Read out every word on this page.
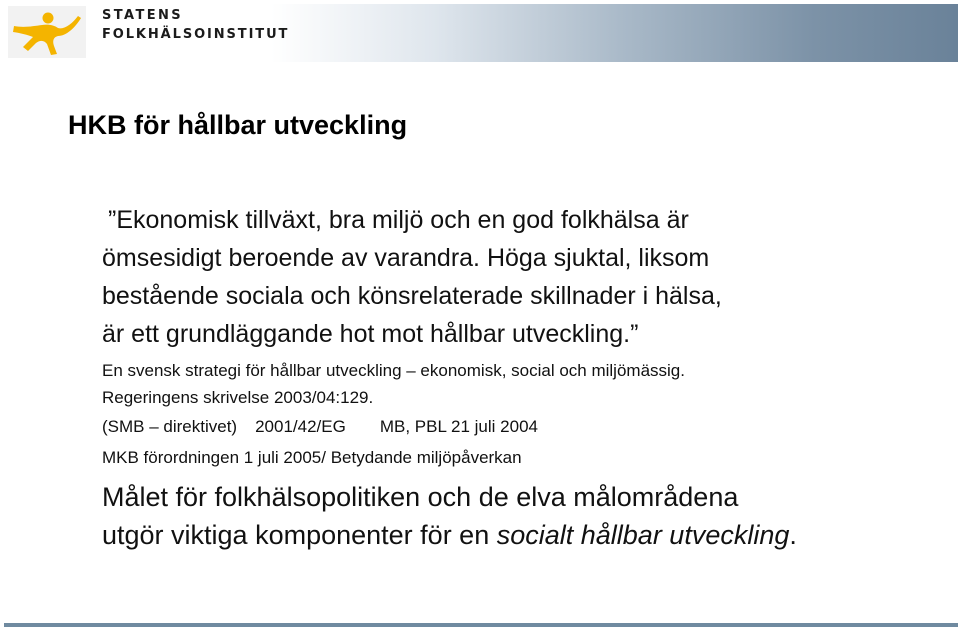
STATENS
FOLKHÄLSOINSTITUT
HKB för hållbar utveckling
”Ekonomisk tillväxt, bra miljö och en god folkhälsa är
ömsesidigt beroende av varandra. Höga sjuktal, liksom
bestående sociala och könsrelaterade skillnader i hälsa,
är ett grundläggande hot mot hållbar utveckling.”
En svensk strategi för hållbar utveckling – ekonomisk, social och miljömässig.
Regeringens skrivelse 2003/04:129.
(SMB – direktivet) 2001/42/EG MB, PBL 21 juli 2004
MKB förordningen 1 juli 2005/ Betydande miljöpåverkan
Målet för folkhälsopolitiken och de elva målområdena
utgör viktiga komponenter för en socialt hållbar utveckling.
